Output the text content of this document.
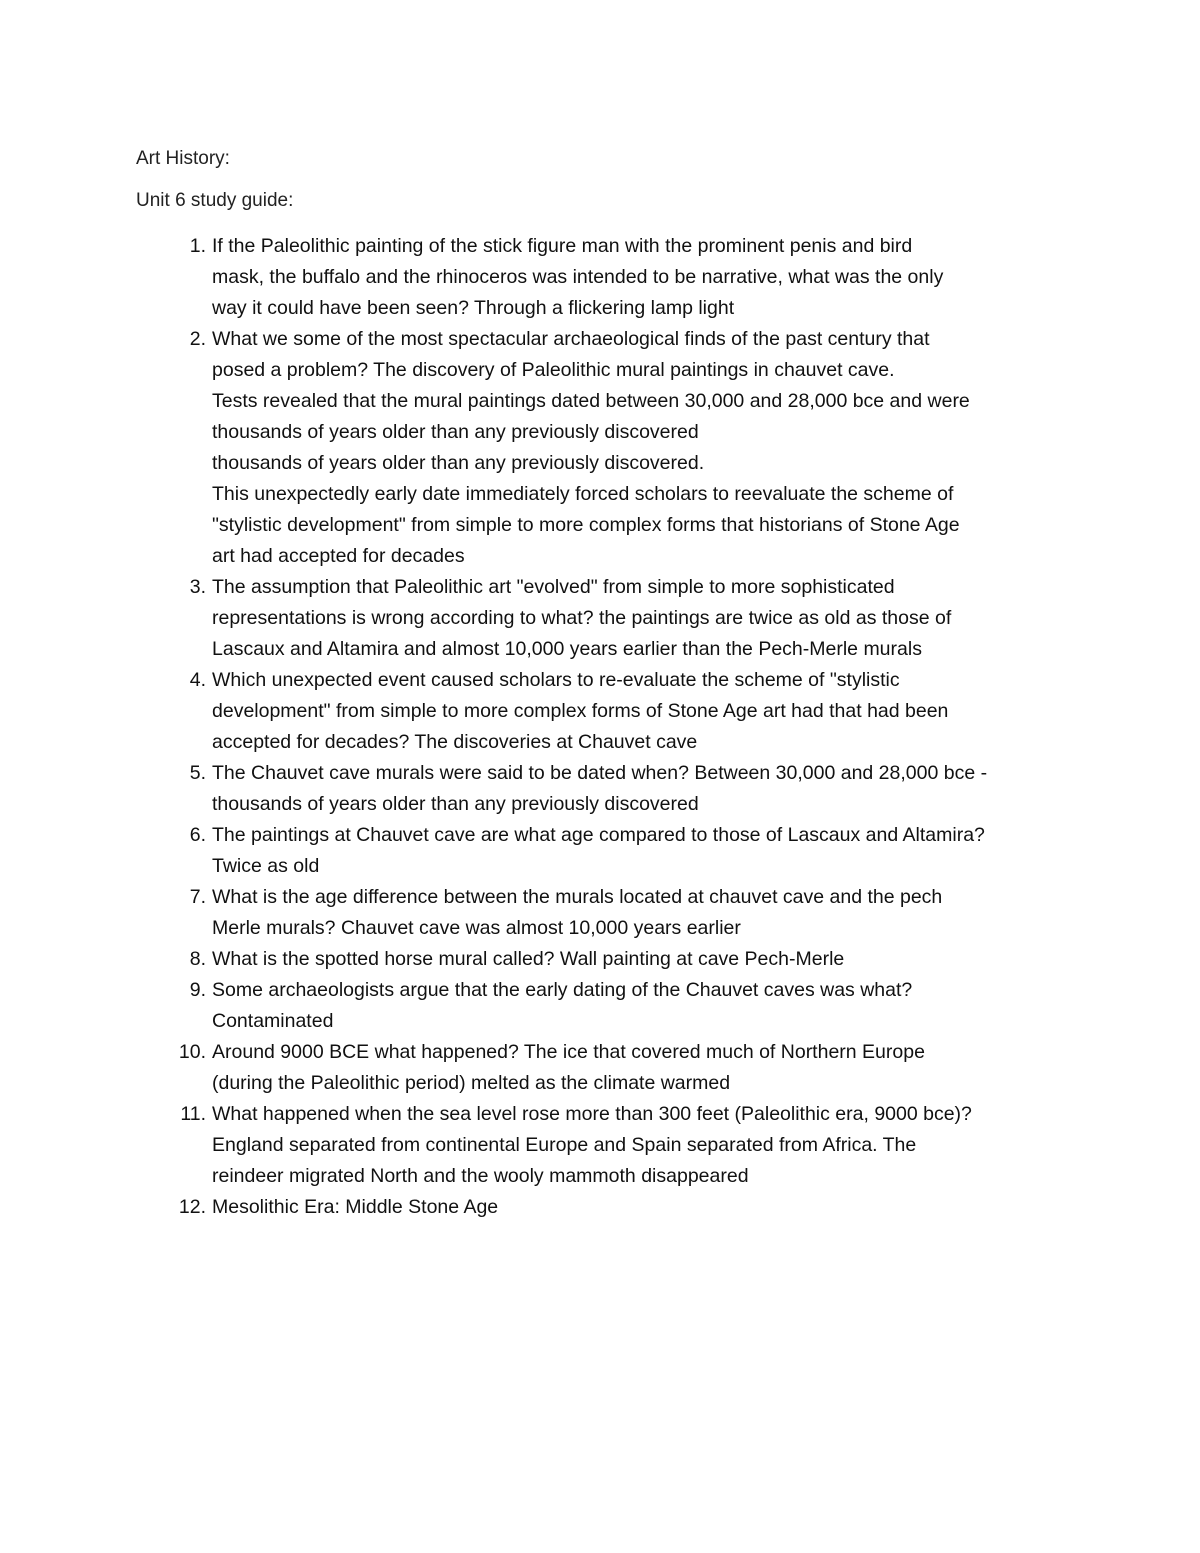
Art History:

Unit 6 study guide:

1. If the Paleolithic painting of the stick figure man with the prominent penis and bird
mask, the buffalo and the rhinoceros was intended to be narrative, what was the only
way it could have been seen? Through a flickering lamp light
2. What we some of the most spectacular archaeological finds of the past century that
posed a problem? The discovery of Paleolithic mural paintings in chauvet cave.
Tests revealed that the mural paintings dated between 30,000 and 28,000 bce and were
thousands of years older than any previously discovered
thousands of years older than any previously discovered.
This unexpectedly early date immediately forced scholars to reevaluate the scheme of
"stylistic development" from simple to more complex forms that historians of Stone Age
art had accepted for decades
3. The assumption that Paleolithic art "evolved" from simple to more sophisticated
representations is wrong according to what? the paintings are twice as old as those of
Lascaux and Altamira and almost 10,000 years earlier than the Pech-Merle murals
4. Which unexpected event caused scholars to re-evaluate the scheme of "stylistic
development" from simple to more complex forms of Stone Age art had that had been
accepted for decades? The discoveries at Chauvet cave
5. The Chauvet cave murals were said to be dated when? Between 30,000 and 28,000 bce -
thousands of years older than any previously discovered
6. The paintings at Chauvet cave are what age compared to those of Lascaux and Altamira?
Twice as old
7. What is the age difference between the murals located at chauvet cave and the pech
Merle murals? Chauvet cave was almost 10,000 years earlier
8. What is the spotted horse mural called? Wall painting at cave Pech-Merle
9. Some archaeologists argue that the early dating of the Chauvet caves was what?
Contaminated
10. Around 9000 BCE what happened? The ice that covered much of Northern Europe
(during the Paleolithic period) melted as the climate warmed
11. What happened when the sea level rose more than 300 feet (Paleolithic era, 9000 bce)?
England separated from continental Europe and Spain separated from Africa. The
reindeer migrated North and the wooly mammoth disappeared
12. Mesolithic Era: Middle Stone Age
